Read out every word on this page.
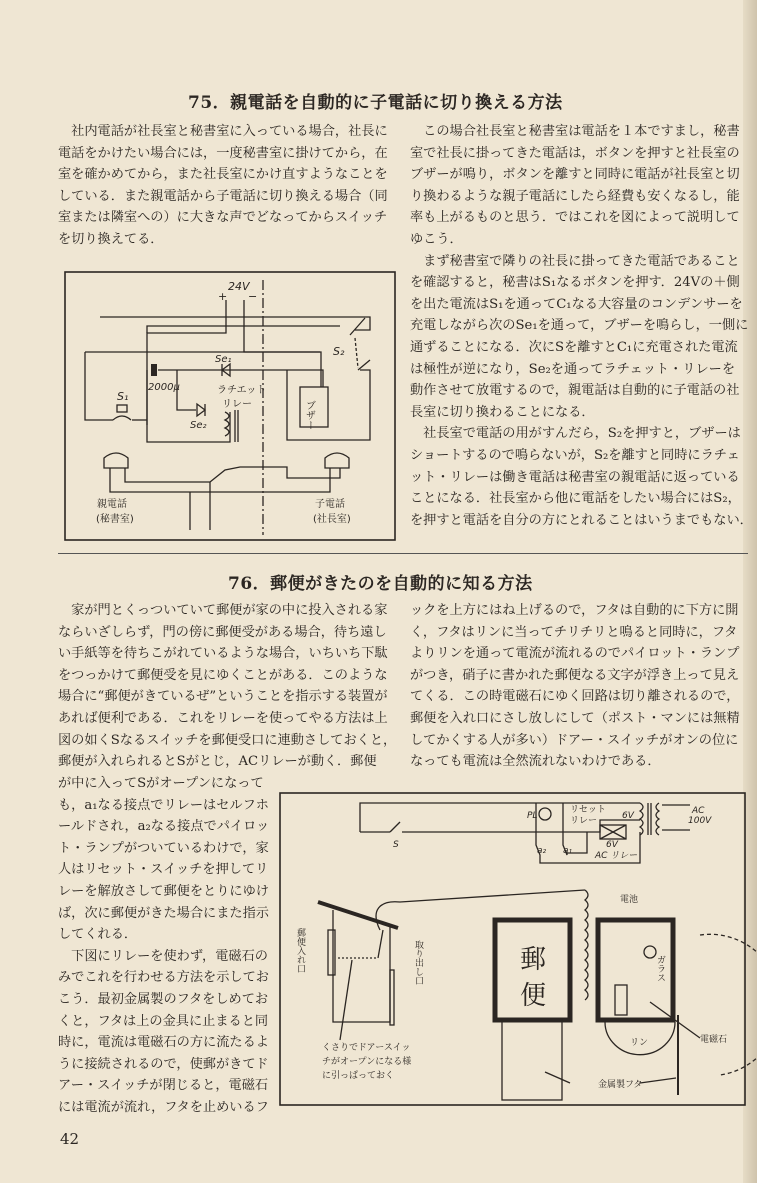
75．親電話を自動的に子電話に切り換える方法
　社内電話が社長室と秘書室に入っている場合，社長に
電話をかけたい場合には，一度秘書室に掛けてから，在
室を確かめてから，また社長室にかけ直すようなことを
している．また親電話から子電話に切り換える場合（同
室または隣室への）に大きな声でどなってからスイッチ
を切り換えてる．
　この場合社長室と秘書室は電話を１本ですまし，秘書
室で社長に掛ってきた電話は，ボタンを押すと社長室の
ブザーが鳴り，ボタンを離すと同時に電話が社長室と切
り換わるような親子電話にしたら経費も安くなるし，能
率も上がるものと思う．ではこれを図によって説明して
ゆこう．
　まず秘書室で隣りの社長に掛ってきた電話であること
を確認すると，秘書はS₁なるボタンを押す．24Vの＋側
を出た電流はS₁を通ってC₁なる大容量のコンデンサーを
充電しながら次のSe₁を通って，ブザーを鳴らし，一側に
通ずることになる．次にSを離すとC₁に充電された電流
は極性が逆になり，Se₂を通ってラチェット・リレーを
動作させて放電するので，親電話は自動的に子電話の社
長室に切り換わることになる．
　社長室で電話の用がすんだら，S₂を押すと，ブザーは
ショートするので鳴らないが，S₂を離すと同時にラチェ
ット・リレーは働き電話は秘書室の親電話に返っている
ことになる．社長室から他に電話をしたい場合にはS₂，
を押すと電話を自分の方にとれることはいうまでもない．
76．郵便がきたのを自動的に知る方法
　家が門とくっついていて郵便が家の中に投入される家
ならいざしらず，門の傍に郵便受がある場合，待ち遠し
い手紙等を待ちこがれているような場合，いちいち下駄
をつっかけて郵便受を見にゆくことがある．このような
場合に“郵便がきているぜ”ということを指示する装置が
あれば便利である．これをリレーを使ってやる方法は上
図の如くSなるスイッチを郵便受口に連動さしておくと，
郵便が入れられるとSがとじ，ACリレーが動く．郵便
が中に入ってSがオープンになって
も，a₁なる接点でリレーはセルフホ
ールドされ，a₂なる接点でパイロッ
ト・ランプがついているわけで，家
人はリセット・スイッチを押してリ
レーを解放さして郵便をとりにゆけ
ば，次に郵便がきた場合にまた指示
してくれる．
　下図にリレーを使わず，電磁石の
みでこれを行わせる方法を示してお
こう．最初金属製のフタをしめてお
くと，フタは上の金具に止まると同
時に，電流は電磁石の方に流たるよ
うに接続されるので，使郵がきてド
アー・スイッチが閉じると，電磁石
には電流が流れ，フタを止めいるフ
ックを上方にはね上げるので，フタは自動的に下方に開
く，フタはリンに当ってチリチリと鳴ると同時に，フタ
よりリンを通って電流が流れるのでパイロット・ランプ
がつき，硝子に書かれた郵便なる文字が浮き上って見え
てくる．この時電磁石にゆく回路は切り離されるので，
郵便を入れ口にさし放しにして（ポスト・マンには無精
してかくする人が多い）ドアー・スイッチがオンの位に
なっても電流は全然流れないわけである．
42
24V
+ −
S₁
S₂
Se₁
Se₂
2000μ	ラチエット
リレー	ブザー
親電話
(秘書室)
子電話
(社長室)
PL
リセット
リレー	6V	AC
100V
S
a₂ a₁
6V
AC リレー
郵便入れ口	取り出し口
くさりでドアースイッ
チがオープンになる様
に引っぱっておく
郵
便
電池
ガラス
リン	電磁石
金属製フタ
